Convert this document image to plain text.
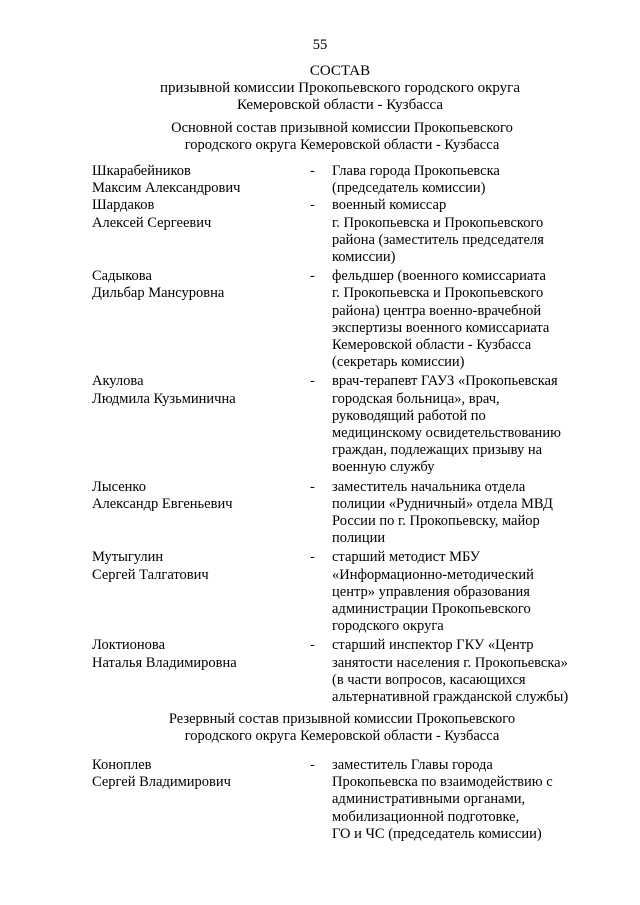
55
СОСТАВ
призывной комиссии Прокопьевского городского округа
Кемеровской области - Кузбасса
Основной состав призывной комиссии Прокопьевского
городского округа Кемеровской области - Кузбасса
Шкарабейников
Максим Александрович
-	Глава города Прокопьевска
(председатель комиссии)
Шардаков
Алексей Сергеевич
-	военный комиссар
г. Прокопьевска и Прокопьевского
района (заместитель председателя
комиссии)
Садыкова
Дильбар Мансуровна
-	фельдшер (военного комиссариата
г. Прокопьевска и Прокопьевского
района) центра военно-врачебной
экспертизы военного комиссариата
Кемеровской области - Кузбасса
(секретарь комиссии)
Акулова
Людмила Кузьминична
-	врач-терапевт ГАУЗ «Прокопьевская
городская больница», врач,
руководящий работой по
медицинскому освидетельствованию
граждан, подлежащих призыву на
военную службу
Лысенко
Александр Евгеньевич
-	заместитель начальника отдела
полиции «Рудничный» отдела МВД
России по г. Прокопьевску, майор
полиции
Мутыгулин
Сергей Талгатович
-	старший методист МБУ
«Информационно-методический
центр» управления образования
администрации Прокопьевского
городского округа
Локтионова
Наталья Владимировна
-	старший инспектор ГКУ «Центр
занятости населения г. Прокопьевска»
(в части вопросов, касающихся
альтернативной гражданской службы)
Резервный состав призывной комиссии Прокопьевского
городского округа Кемеровской области - Кузбасса
Коноплев
Сергей Владимирович
-	заместитель Главы города
Прокопьевска по взаимодействию с
административными органами,
мобилизационной подготовке,
ГО и ЧС (председатель комиссии)
